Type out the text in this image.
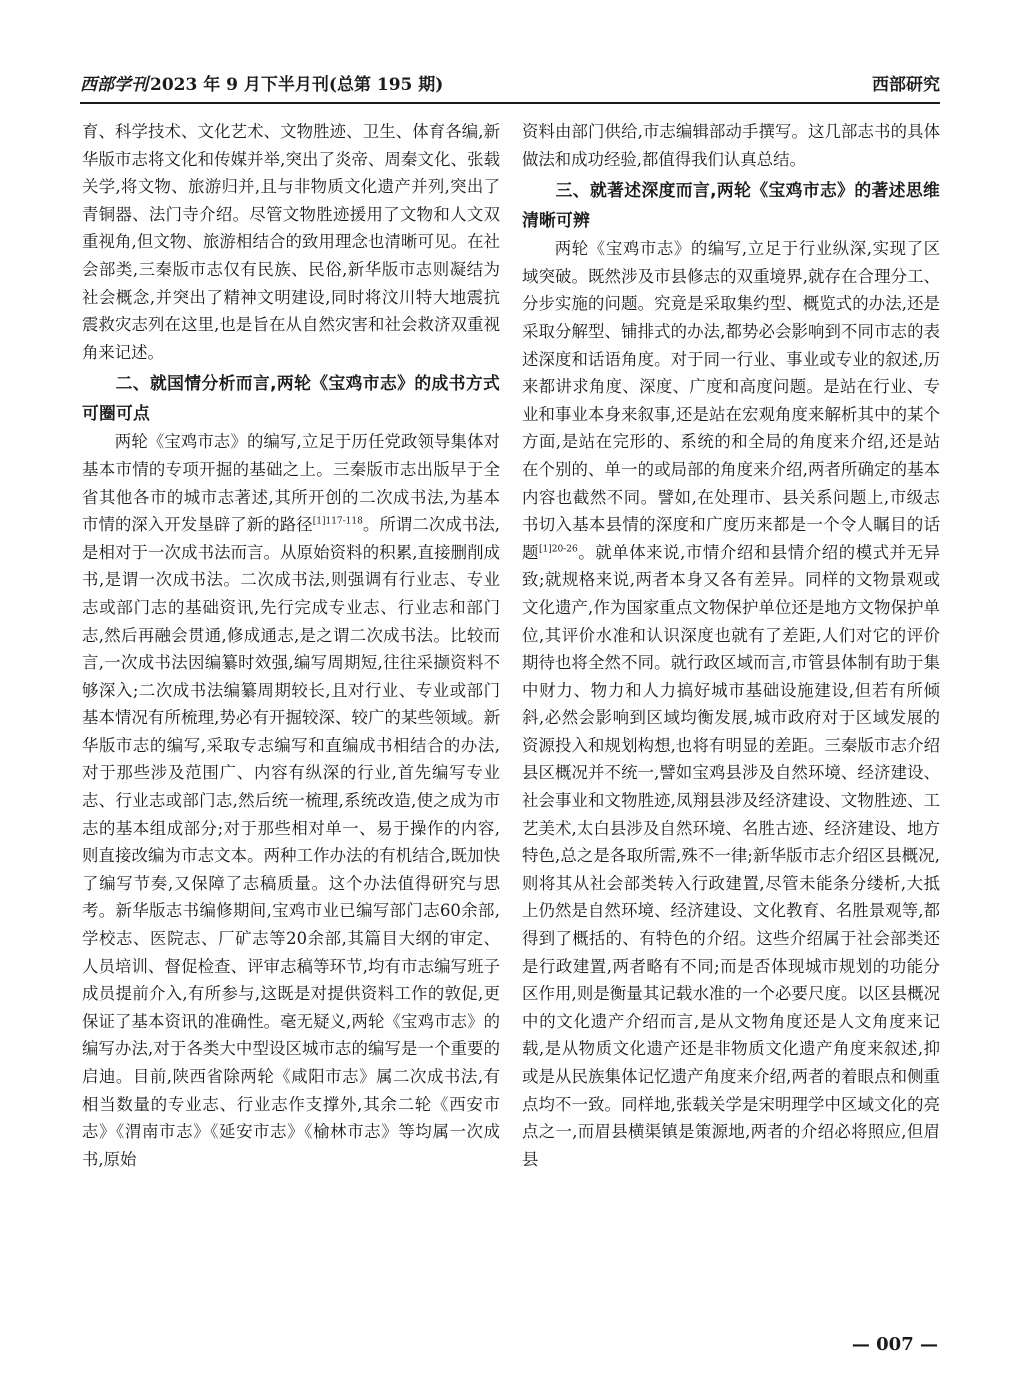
西部学刊 2023 年 9 月下半月刊(总第 195 期)	西部研究

育、科学技术、文化艺术、文物胜迹、卫生、体育各编,新华版市志将文化和传媒并举,突出了炎帝、周秦文化、张载关学,将文物、旅游归并,且与非物质文化遗产并列,突出了青铜器、法门寺介绍。尽管文物胜迹援用了文物和人文双重视角,但文物、旅游相结合的致用理念也清晰可见。在社会部类,三秦版市志仅有民族、民俗,新华版市志则凝结为社会概念,并突出了精神文明建设,同时将汶川特大地震抗震救灾志列在这里,也是旨在从自然灾害和社会救济双重视角来记述。

二、就国情分析而言,两轮《宝鸡市志》的成书方式可圈可点

两轮《宝鸡市志》的编写,立足于历任党政领导集体对基本市情的专项开掘的基础之上。三秦版市志出版早于全省其他各市的城市志著述,其所开创的二次成书法,为基本市情的深入开发垦辟了新的路径$^{[1]117-118}$。所谓二次成书法,是相对于一次成书法而言。从原始资料的积累,直接删削成书,是谓一次成书法。二次成书法,则强调有行业志、专业志或部门志的基础资讯,先行完成专业志、行业志和部门志,然后再融会贯通,修成通志,是之谓二次成书法。比较而言,一次成书法因编纂时效强,编写周期短,往往采撷资料不够深入;二次成书法编纂周期较长,且对行业、专业或部门基本情况有所梳理,势必有开掘较深、较广的某些领域。新华版市志的编写,采取专志编写和直编成书相结合的办法,对于那些涉及范围广、内容有纵深的行业,首先编写专业志、行业志或部门志,然后统一梳理,系统改造,使之成为市志的基本组成部分;对于那些相对单一、易于操作的内容,则直接改编为市志文本。两种工作办法的有机结合,既加快了编写节奏,又保障了志稿质量。这个办法值得研究与思考。新华版志书编修期间,宝鸡市业已编写部门志60余部,学校志、医院志、厂矿志等20余部,其篇目大纲的审定、人员培训、督促检查、评审志稿等环节,均有市志编写班子成员提前介入,有所参与,这既是对提供资料工作的敦促,更保证了基本资讯的准确性。毫无疑义,两轮《宝鸡市志》的编写办法,对于各类大中型设区城市志的编写是一个重要的启迪。目前,陕西省除两轮《咸阳市志》属二次成书法,有相当数量的专业志、行业志作支撑外,其余二轮《西安市志》《渭南市志》《延安市志》《榆林市志》等均属一次成书,原始

资料由部门供给,市志编辑部动手撰写。这几部志书的具体做法和成功经验,都值得我们认真总结。

三、就著述深度而言,两轮《宝鸡市志》的著述思维清晰可辨

两轮《宝鸡市志》的编写,立足于行业纵深,实现了区域突破。既然涉及市县修志的双重境界,就存在合理分工、分步实施的问题。究竟是采取集约型、概览式的办法,还是采取分解型、铺排式的办法,都势必会影响到不同市志的表述深度和话语角度。对于同一行业、事业或专业的叙述,历来都讲求角度、深度、广度和高度问题。是站在行业、专业和事业本身来叙事,还是站在宏观角度来解析其中的某个方面,是站在完形的、系统的和全局的角度来介绍,还是站在个别的、单一的或局部的角度来介绍,两者所确定的基本内容也截然不同。譬如,在处理市、县关系问题上,市级志书切入基本县情的深度和广度历来都是一个令人瞩目的话题$^{[1]20-26}$。就单体来说,市情介绍和县情介绍的模式并无异致;就规格来说,两者本身又各有差异。同样的文物景观或文化遗产,作为国家重点文物保护单位还是地方文物保护单位,其评价水准和认识深度也就有了差距,人们对它的评价期待也将全然不同。就行政区域而言,市管县体制有助于集中财力、物力和人力搞好城市基础设施建设,但若有所倾斜,必然会影响到区域均衡发展,城市政府对于区域发展的资源投入和规划构想,也将有明显的差距。三秦版市志介绍县区概况并不统一,譬如宝鸡县涉及自然环境、经济建设、社会事业和文物胜迹,凤翔县涉及经济建设、文物胜迹、工艺美术,太白县涉及自然环境、名胜古迹、经济建设、地方特色,总之是各取所需,殊不一律;新华版市志介绍区县概况,则将其从社会部类转入行政建置,尽管未能条分缕析,大抵上仍然是自然环境、经济建设、文化教育、名胜景观等,都得到了概括的、有特色的介绍。这些介绍属于社会部类还是行政建置,两者略有不同;而是否体现城市规划的功能分区作用,则是衡量其记载水准的一个必要尺度。以区县概况中的文化遗产介绍而言,是从文物角度还是人文角度来记载,是从物质文化遗产还是非物质文化遗产角度来叙述,抑或是从民族集体记忆遗产角度来介绍,两者的着眼点和侧重点均不一致。同样地,张载关学是宋明理学中区域文化的亮点之一,而眉县横渠镇是策源地,两者的介绍必将照应,但眉县

— 007 —
